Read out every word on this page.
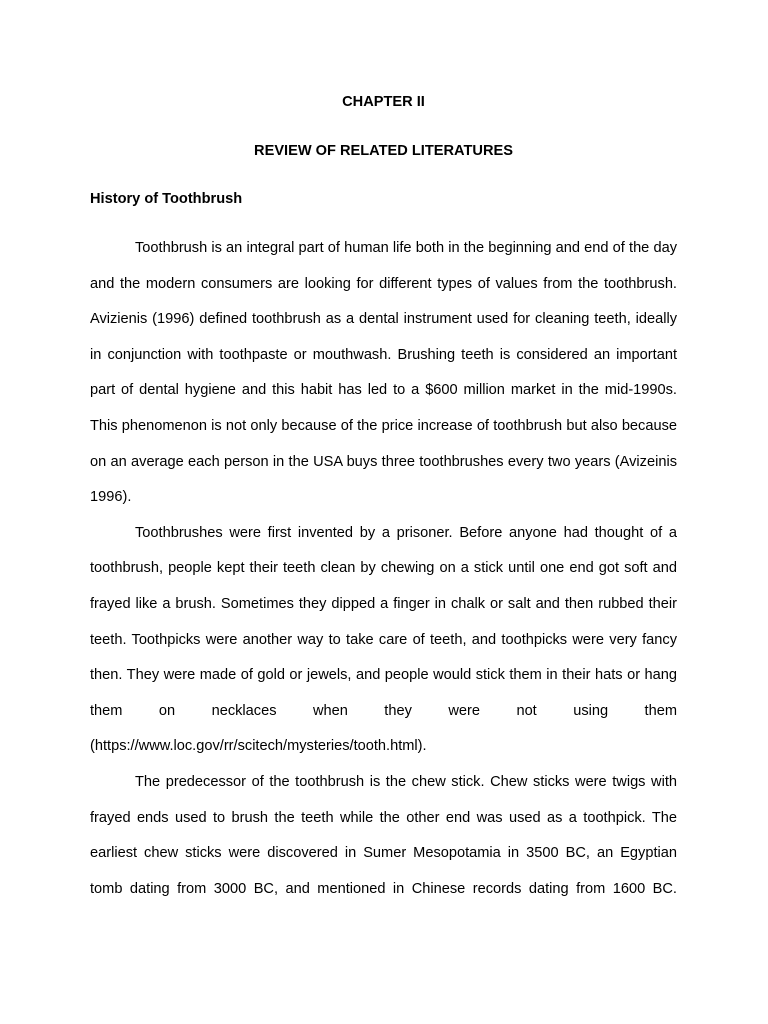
CHAPTER II
REVIEW OF RELATED LITERATURES
History of Toothbrush

Toothbrush is an integral part of human life both in the beginning and end of the day and the modern consumers are looking for different types of values from the toothbrush. Avizienis (1996) defined toothbrush as a dental instrument used for cleaning teeth, ideally in conjunction with toothpaste or mouthwash. Brushing teeth is considered an important part of dental hygiene and this habit has led to a $600 million market in the mid-1990s. This phenomenon is not only because of the price increase of toothbrush but also because on an average each person in the USA buys three toothbrushes every two years (Avizeinis 1996).

Toothbrushes were first invented by a prisoner. Before anyone had thought of a toothbrush, people kept their teeth clean by chewing on a stick until one end got soft and frayed like a brush. Sometimes they dipped a finger in chalk or salt and then rubbed their teeth. Toothpicks were another way to take care of teeth, and toothpicks were very fancy then. They were made of gold or jewels, and people would stick them in their hats or hang them on necklaces when they were not using them (https://www.loc.gov/rr/scitech/mysteries/tooth.html).

The predecessor of the toothbrush is the chew stick. Chew sticks were twigs with frayed ends used to brush the teeth while the other end was used as a toothpick. The earliest chew sticks were discovered in Sumer Mesopotamia in 3500 BC, an Egyptian tomb dating from 3000 BC, and mentioned in Chinese records dating from 1600 BC.
